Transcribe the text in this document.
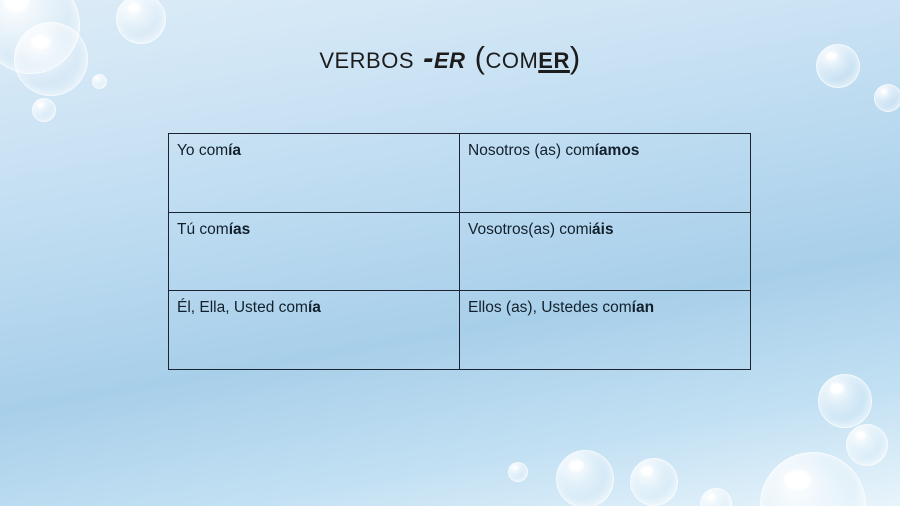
verbos -er (comer)
Yo comía	Nosotros (as) comíamos
Tú comías	Vosotros(as) comiáis
Él, Ella, Usted comía	Ellos (as), Ustedes comían
